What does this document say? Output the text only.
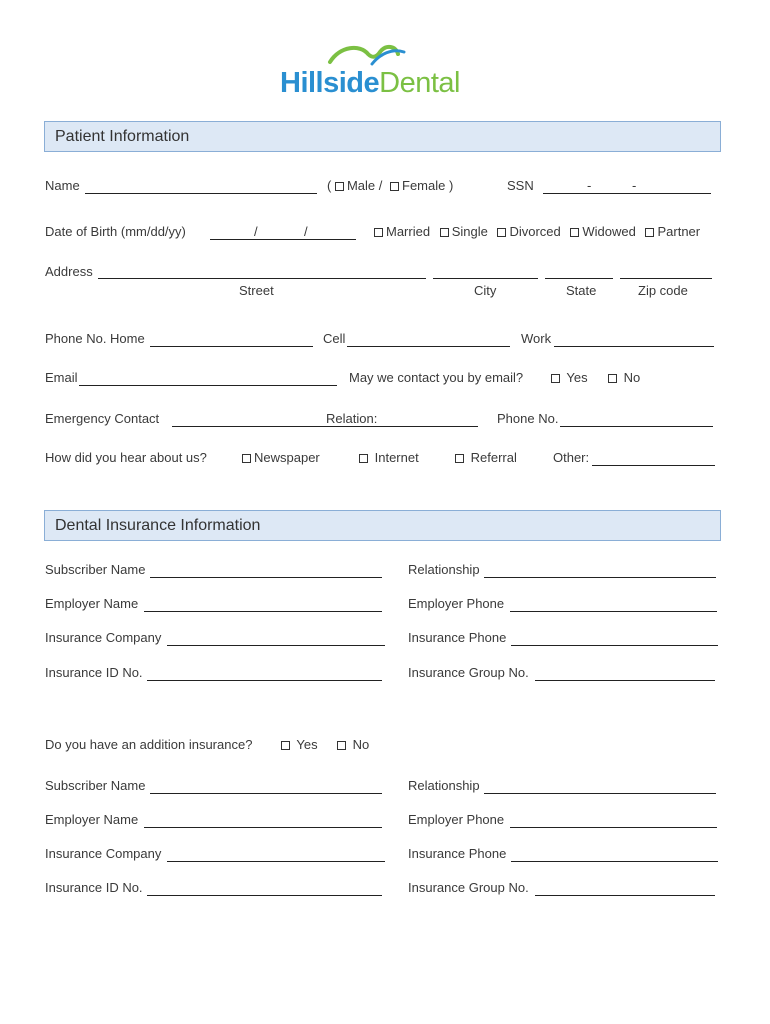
HillsideDental
Patient Information
Name	( Male / Female )	SSN	-	-
Date of Birth (mm/dd/yy)	/	/	Married Single Divorced Widowed Partner
Address
Street	City	State	Zip code
Phone No. Home	Cell	Work
Email	May we contact you by email?	Yes	No
Emergency Contact	Relation:	Phone No.
How did you hear about us?	Newspaper	Internet	Referral	Other:
Dental Insurance Information
Subscriber Name	Relationship
Employer Name	Employer Phone
Insurance Company	Insurance Phone
Insurance ID No.	Insurance Group No.
Do you have an addition insurance?	Yes	No
Subscriber Name	Relationship
Employer Name	Employer Phone
Insurance Company	Insurance Phone
Insurance ID No.	Insurance Group No.
